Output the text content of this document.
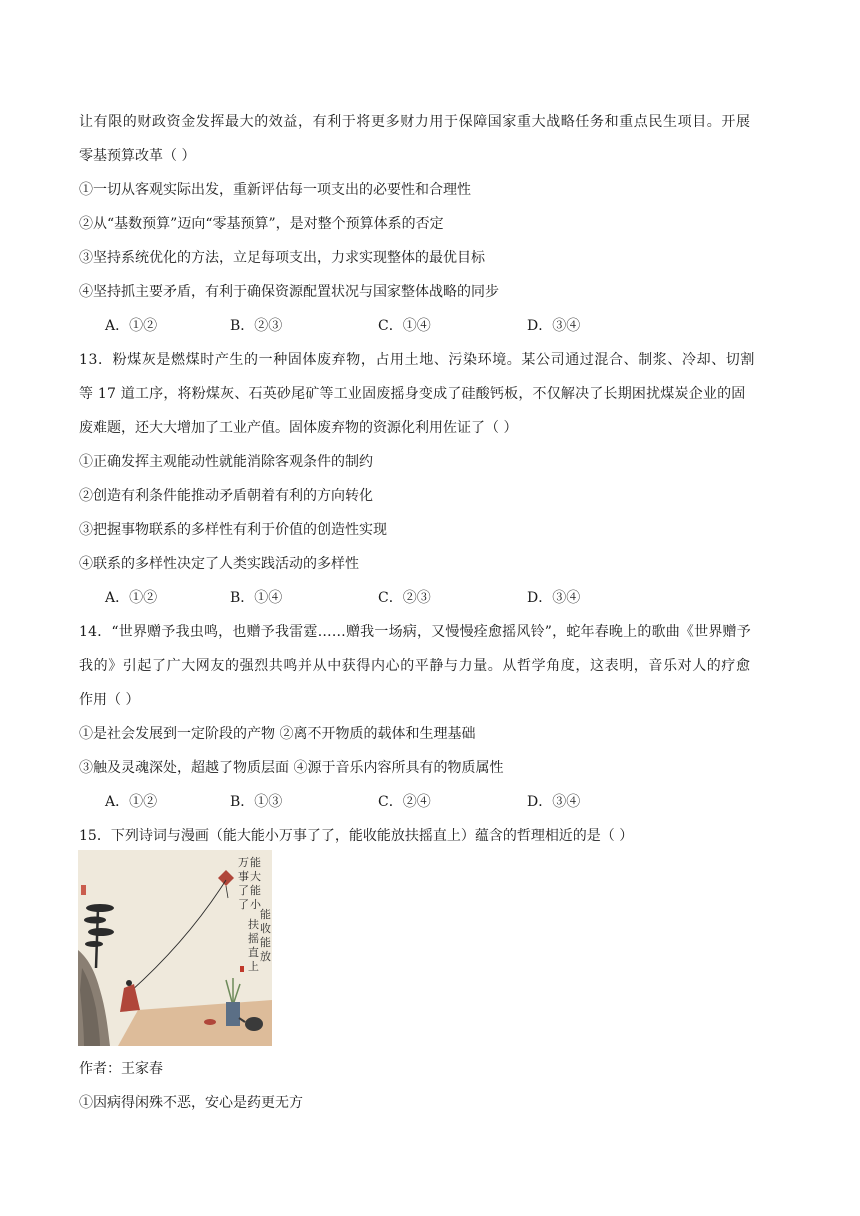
让有限的财政资金发挥最大的效益，有利于将更多财力用于保障国家重大战略任务和重点民生项目。开展
零基预算改革（ ）
①一切从客观实际出发，重新评估每一项支出的必要性和合理性
②从“基数预算”迈向“零基预算”，是对整个预算体系的否定
③坚持系统优化的方法，立足每项支出，力求实现整体的最优目标
④坚持抓主要矛盾，有利于确保资源配置状况与国家整体战略的同步
A．①②	B．②③	C．①④	D．③④
13．粉煤灰是燃煤时产生的一种固体废弃物，占用土地、污染环境。某公司通过混合、制浆、冷却、切割
等 17 道工序，将粉煤灰、石英砂尾矿等工业固废摇身变成了硅酸钙板，不仅解决了长期困扰煤炭企业的固
废难题，还大大增加了工业产值。固体废弃物的资源化利用佐证了（ ）
①正确发挥主观能动性就能消除客观条件的制约
②创造有利条件能推动矛盾朝着有利的方向转化
③把握事物联系的多样性有利于价值的创造性实现
④联系的多样性决定了人类实践活动的多样性
A．①②	B．①④	C．②③	D．③④
14．“世界赠予我虫鸣，也赠予我雷霆……赠我一场病，又慢慢痊愈摇风铃”，蛇年春晚上的歌曲《世界赠予
我的》引起了广大网友的强烈共鸣并从中获得内心的平静与力量。从哲学角度，这表明，音乐对人的疗愈
作用（ ）
①是社会发展到一定阶段的产物 ②离不开物质的载体和生理基础
③触及灵魂深处，超越了物质层面 ④源于音乐内容所具有的物质属性
A．①②	B．①③	C．②④	D．③④
15．下列诗词与漫画（能大能小万事了了，能收能放扶摇直上）蕴含的哲理相近的是（ ）
能
大
能
小
万
事
了
了
能
收
能
放
扶
摇
直
上
作者：王家春
①因病得闲殊不恶，安心是药更无方
